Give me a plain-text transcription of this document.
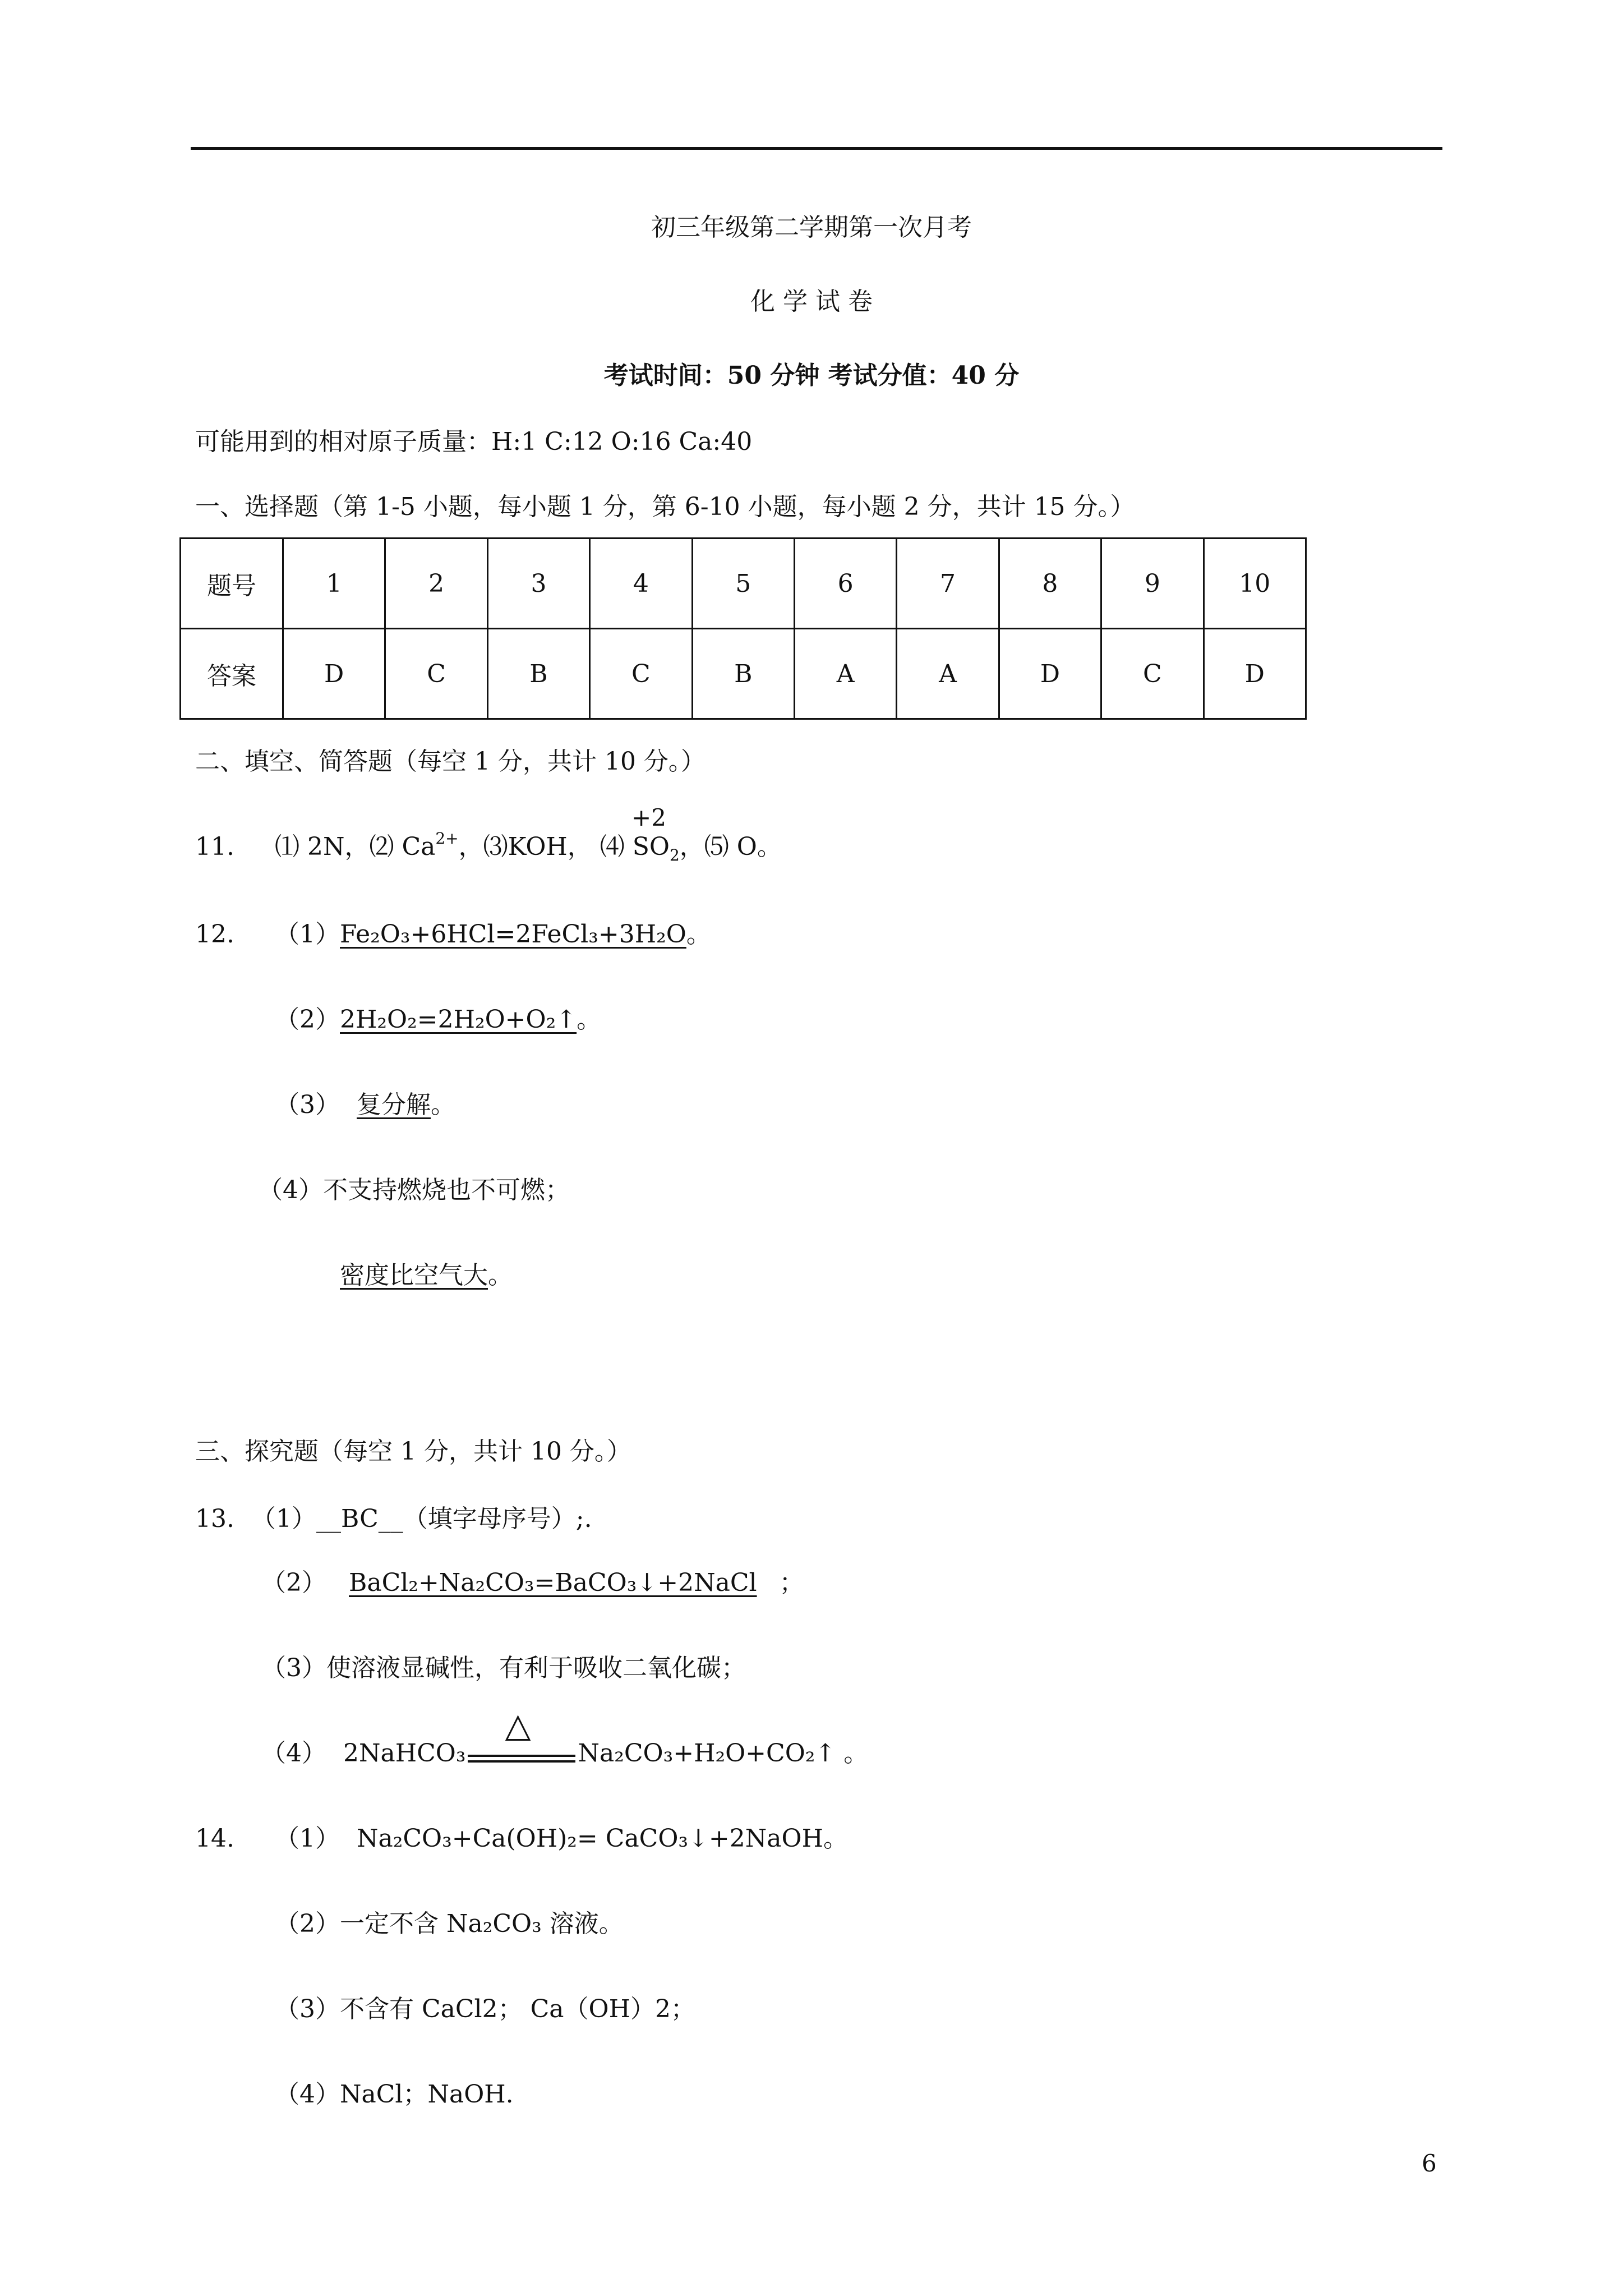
初三年级第二学期第一次月考
化 学 试 卷
考试时间：50 分钟 考试分值：40 分
可能用到的相对原子质量：H:1 C:12 O:16 Ca:40
一、选择题（第 1-5 小题，每小题 1 分，第 6-10 小题，每小题 2 分，共计 15 分。）
题号	1	2	3	4	5	6	7	8	9	10
答案	D	C	B	C	B	A	A	D	C	D
二、填空、简答题（每空 1 分，共计 10 分。）
+2
11. ⑴ 2N，⑵ $Ca^{2+}$，⑶KOH， ⑷ $SO_2$，⑸ O。
12. （1）Fe₂O₃+6HCl=2FeCl₃+3H₂O。
（2）2H₂O₂=2H₂O+O₂↑。
（3） 复分解。
（4）不支持燃烧也不可燃；
密度比空气大。
三、探究题（每空 1 分，共计 10 分。）
13. （1）__BC__（填字母序号）;.
（2） BaCl₂+Na₂CO₃=BaCO₃↓+2NaCl ；
（3）使溶液显碱性，有利于吸收二氧化碳；
（4） 2NaHCO₃
△
Na₂CO₃+H₂O+CO₂↑ 。
14. （1） Na₂CO₃+Ca(OH)₂= CaCO₃↓+2NaOH。
（2）一定不含 Na₂CO₃ 溶液。
（3）不含有 CaCl2； Ca（OH）2；
（4）NaCl；NaOH.
6
